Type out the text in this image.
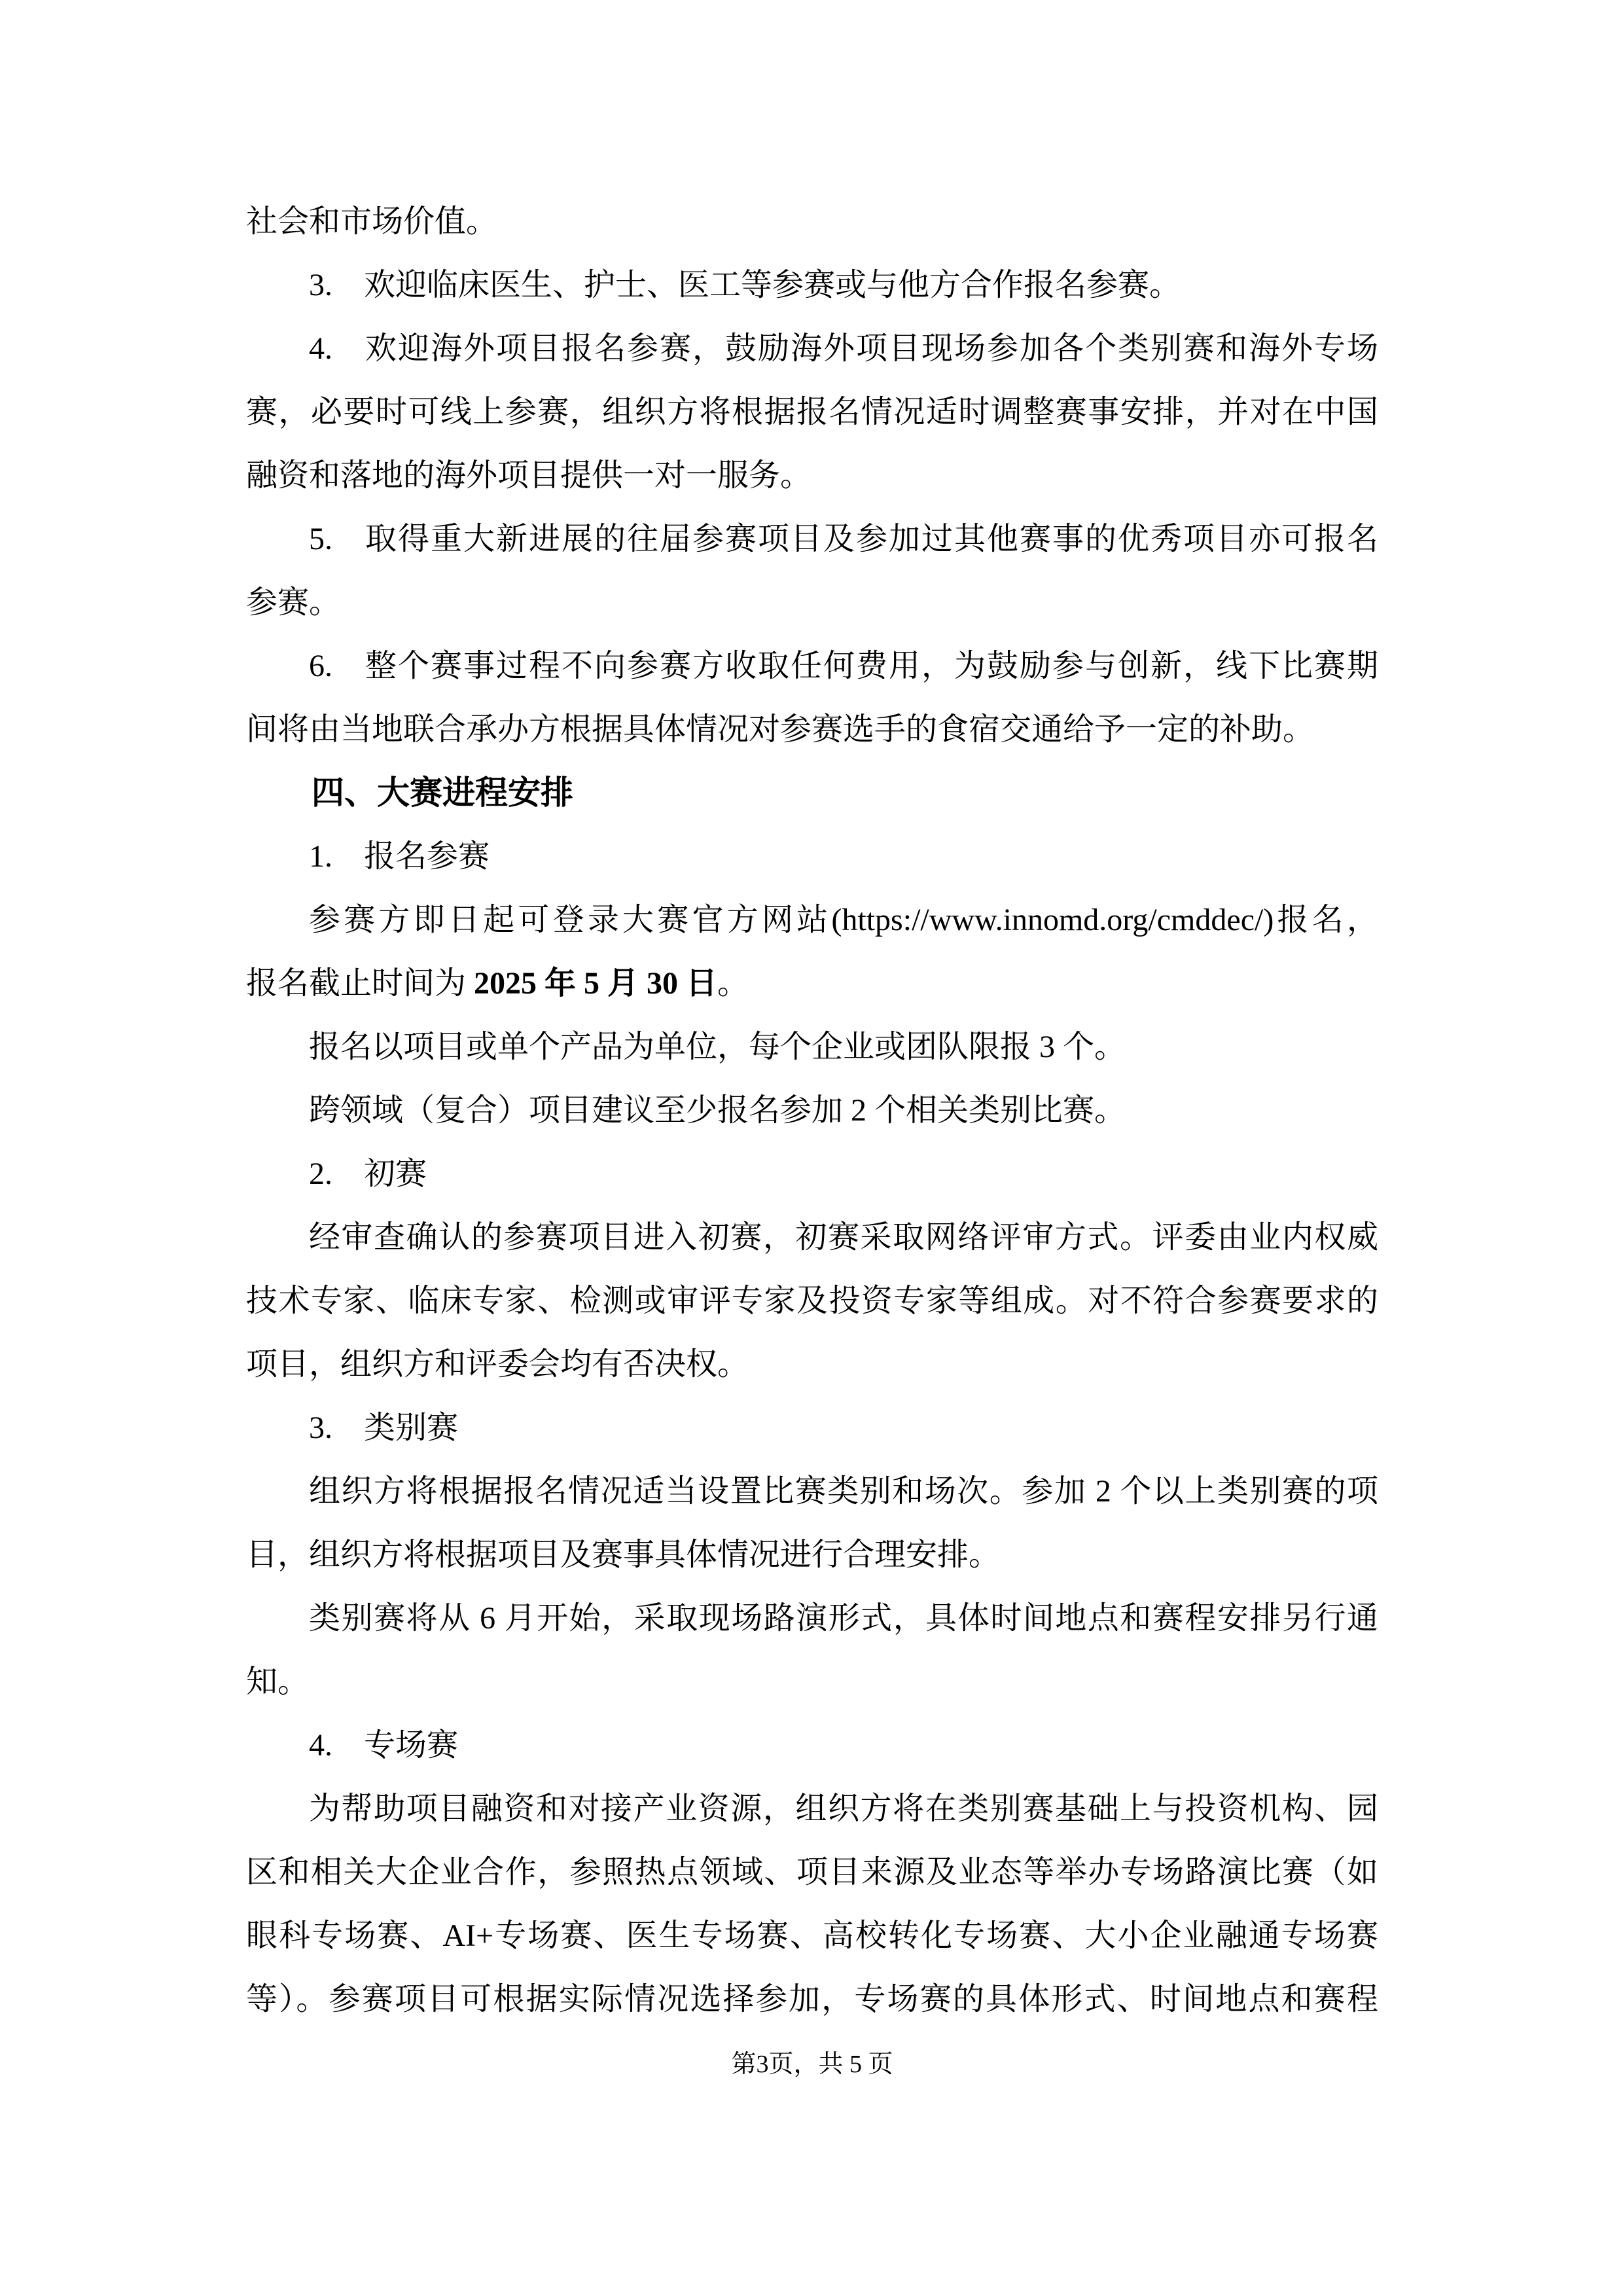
社会和市场价值。
3. 欢迎临床医生、护士、医工等参赛或与他方合作报名参赛。
4. 欢迎海外项目报名参赛，鼓励海外项目现场参加各个类别赛和海外专场
赛，必要时可线上参赛，组织方将根据报名情况适时调整赛事安排，并对在中国
融资和落地的海外项目提供一对一服务。
5. 取得重大新进展的往届参赛项目及参加过其他赛事的优秀项目亦可报名
参赛。
6. 整个赛事过程不向参赛方收取任何费用，为鼓励参与创新，线下比赛期
间将由当地联合承办方根据具体情况对参赛选手的食宿交通给予一定的补助。
四、大赛进程安排
1. 报名参赛
参赛方即日起可登录大赛官方网站(https://www.innomd.org/cmddec/)报名，
报名截止时间为 2025 年 5 月 30 日。
报名以项目或单个产品为单位，每个企业或团队限报 3 个。
跨领域（复合）项目建议至少报名参加 2 个相关类别比赛。
2. 初赛
经审查确认的参赛项目进入初赛，初赛采取网络评审方式。评委由业内权威
技术专家、临床专家、检测或审评专家及投资专家等组成。对不符合参赛要求的
项目，组织方和评委会均有否决权。
3. 类别赛
组织方将根据报名情况适当设置比赛类别和场次。参加 2 个以上类别赛的项
目，组织方将根据项目及赛事具体情况进行合理安排。
类别赛将从 6 月开始，采取现场路演形式，具体时间地点和赛程安排另行通
知。
4. 专场赛
为帮助项目融资和对接产业资源，组织方将在类别赛基础上与投资机构、园
区和相关大企业合作，参照热点领域、项目来源及业态等举办专场路演比赛（如
眼科专场赛、AI+专场赛、医生专场赛、高校转化专场赛、大小企业融通专场赛
等）。参赛项目可根据实际情况选择参加，专场赛的具体形式、时间地点和赛程
第3页，共 5 页
